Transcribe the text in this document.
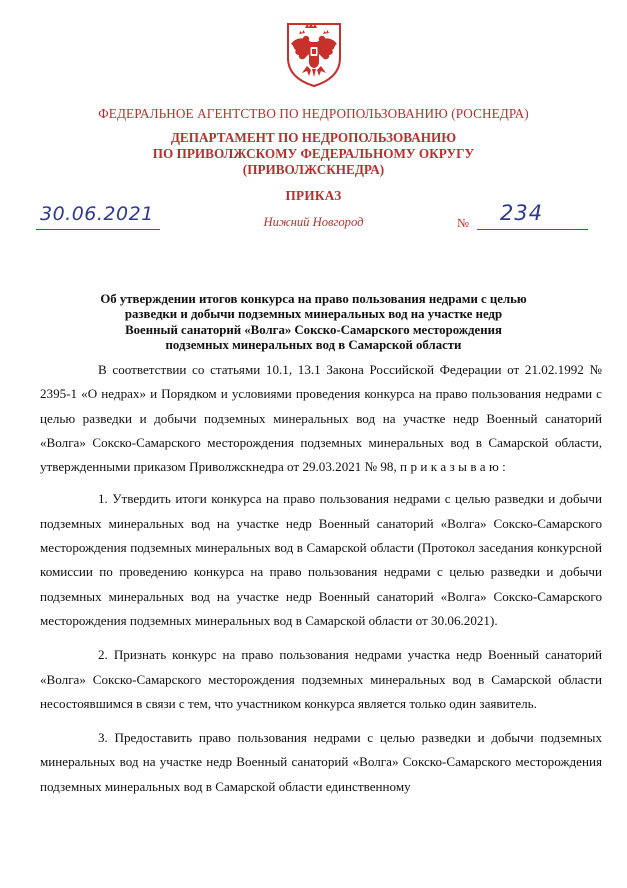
ФЕДЕРАЛЬНОЕ АГЕНТСТВО ПО НЕДРОПОЛЬЗОВАНИЮ (РОСНЕДРА)
ДЕПАРТАМЕНТ ПО НЕДРОПОЛЬЗОВАНИЮ
ПО ПРИВОЛЖСКОМУ ФЕДЕРАЛЬНОМУ ОКРУГУ
(ПРИВОЛЖСКНЕДРА)
ПРИКАЗ
30.06.2021	Нижний Новгород	№ 234
Об утверждении итогов конкурса на право пользования недрами с целью
разведки и добычи подземных минеральных вод на участке недр
Военный санаторий «Волга» Сокско-Самарского месторождения
подземных минеральных вод в Самарской области

В соответствии со статьями 10.1, 13.1 Закона Российской Федерации от 21.02.1992 № 2395-1 «О недрах» и Порядком и условиями проведения конкурса на право пользования недрами с целью разведки и добычи подземных минеральных вод на участке недр Военный санаторий «Волга» Сокско-Самарского месторождения подземных минеральных вод в Самарской области, утвержденными приказом Приволжскнедра от 29.03.2021 № 98, приказываю:

1. Утвердить итоги конкурса на право пользования недрами с целью разведки и добычи подземных минеральных вод на участке недр Военный санаторий «Волга» Сокско-Самарского месторождения подземных минеральных вод в Самарской области (Протокол заседания конкурсной комиссии по проведению конкурса на право пользования недрами с целью разведки и добычи подземных минеральных вод на участке недр Военный санаторий «Волга» Сокско-Самарского месторождения подземных минеральных вод в Самарской области от 30.06.2021).

2. Признать конкурс на право пользования недрами участка недр Военный санаторий «Волга» Сокско-Самарского месторождения подземных минеральных вод в Самарской области несостоявшимся в связи с тем, что участником конкурса является только один заявитель.

3. Предоставить право пользования недрами с целью разведки и добычи подземных минеральных вод на участке недр Военный санаторий «Волга» Сокско-Самарского месторождения подземных минеральных вод в Самарской области единственному
